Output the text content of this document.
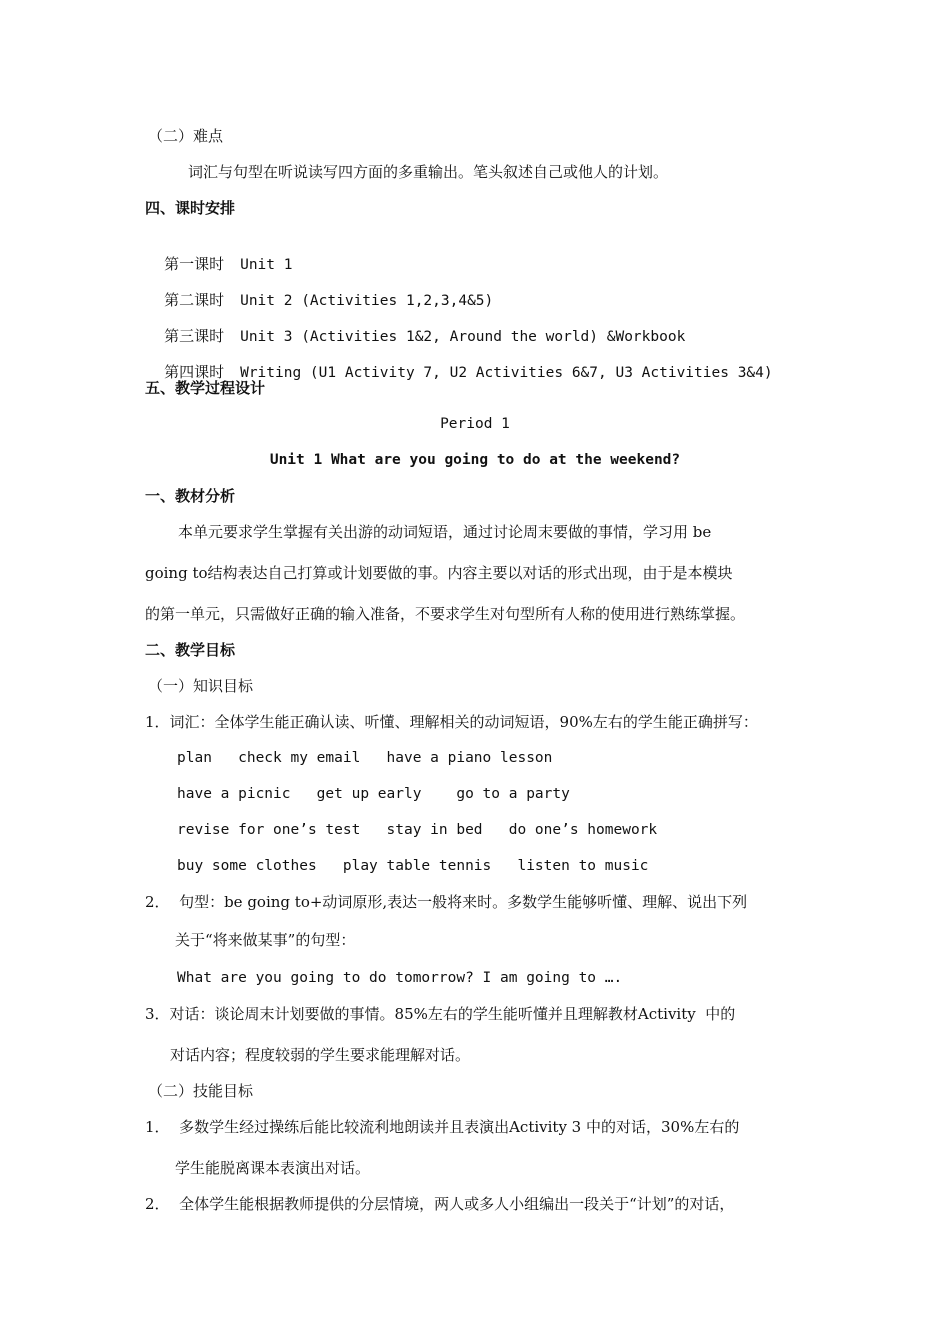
（二）难点
词汇与句型在听说读写四方面的多重输出。笔头叙述自己或他人的计划。
四、课时安排

第一课时 Unit 1

第二课时 Unit 2 (Activities 1,2,3,4&5)

第三课时 Unit 3 (Activities 1&2, Around the world) &Workbook

第四课时 Writing (U1 Activity 7, U2 Activities 6&7, U3 Activities 3&4)

五、教学过程设计
Period 1
Unit 1 What are you going to do at the weekend?
一、教材分析
本单元要求学生掌握有关出游的动词短语，通过讨论周末要做的事情，学习用 be
going to结构表达自己打算或计划要做的事。内容主要以对话的形式出现，由于是本模块
的第一单元，只需做好正确的输入准备，不要求学生对句型所有人称的使用进行熟练掌握。
二、教学目标
（一）知识目标
1．词汇：全体学生能正确认读、听懂、理解相关的动词短语，90%左右的学生能正确拼写：
plan   check my email   have a piano lesson
have a picnic   get up early    go to a party
revise for one’s test   stay in bed   do one’s homework
buy some clothes   play table tennis   listen to music
2．  句型：be going to+动词原形,表达一般将来时。多数学生能够听懂、理解、说出下列
关于“将来做某事”的句型：
What are you going to do tomorrow? I am going to ….
3．对话：谈论周末计划要做的事情。85%左右的学生能听懂并且理解教材Activity  中的
对话内容；程度较弱的学生要求能理解对话。
（二）技能目标
1．  多数学生经过操练后能比较流利地朗读并且表演出Activity 3 中的对话，30%左右的
学生能脱离课本表演出对话。
2．  全体学生能根据教师提供的分层情境，两人或多人小组编出一段关于“计划”的对话，
